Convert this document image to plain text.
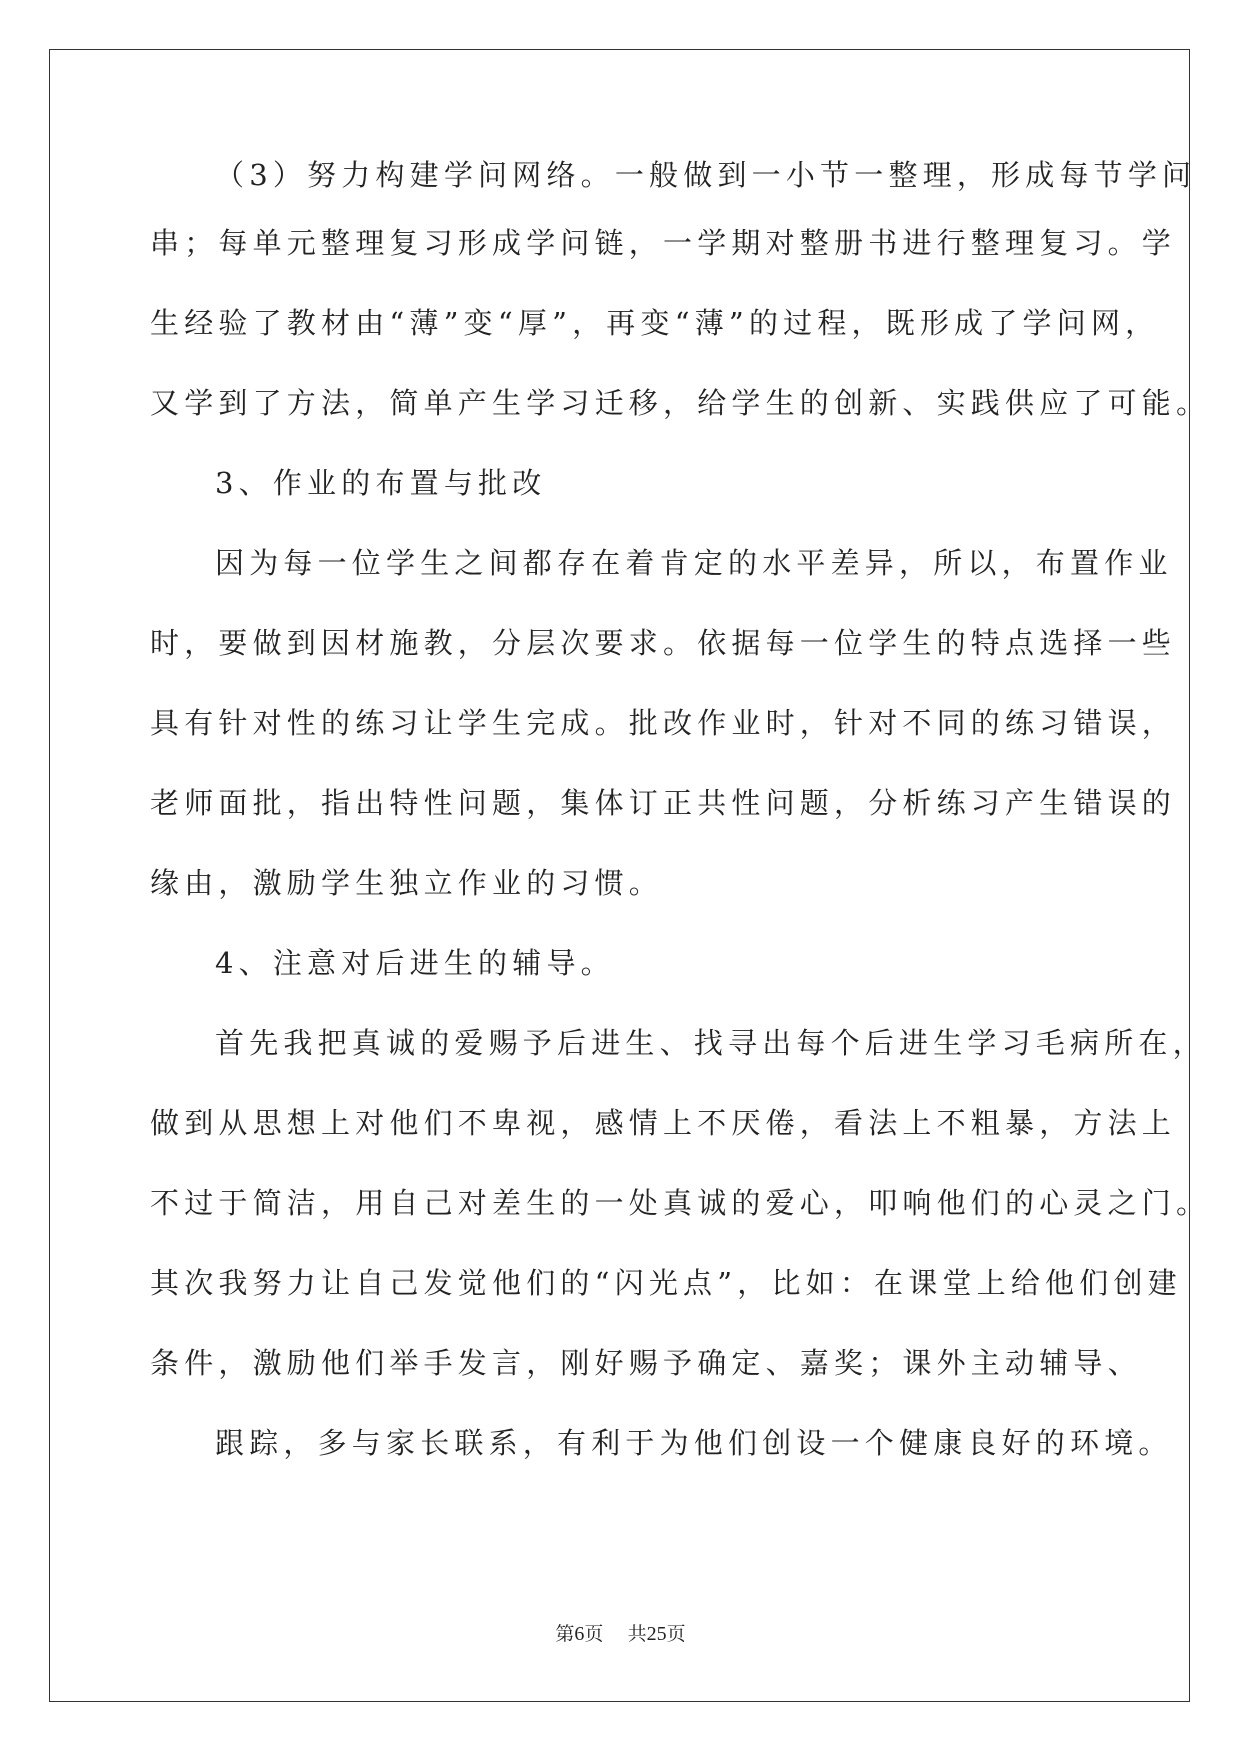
（3）努力构建学问网络。一般做到一小节一整理，形成每节学问
串；每单元整理复习形成学问链，一学期对整册书进行整理复习。学
生经验了教材由“薄”变“厚”，再变“薄”的过程，既形成了学问网，
又学到了方法，简单产生学习迁移，给学生的创新、实践供应了可能。
3、作业的布置与批改
因为每一位学生之间都存在着肯定的水平差异，所以，布置作业
时，要做到因材施教，分层次要求。依据每一位学生的特点选择一些
具有针对性的练习让学生完成。批改作业时，针对不同的练习错误，
老师面批，指出特性问题，集体订正共性问题，分析练习产生错误的
缘由，激励学生独立作业的习惯。
4、注意对后进生的辅导。
首先我把真诚的爱赐予后进生、找寻出每个后进生学习毛病所在，
做到从思想上对他们不卑视，感情上不厌倦，看法上不粗暴，方法上
不过于简洁，用自己对差生的一处真诚的爱心，叩响他们的心灵之门。
其次我努力让自己发觉他们的“闪光点”，比如：在课堂上给他们创建
条件，激励他们举手发言，刚好赐予确定、嘉奖；课外主动辅导、
跟踪，多与家长联系，有利于为他们创设一个健康良好的环境。
第6页 共25页
